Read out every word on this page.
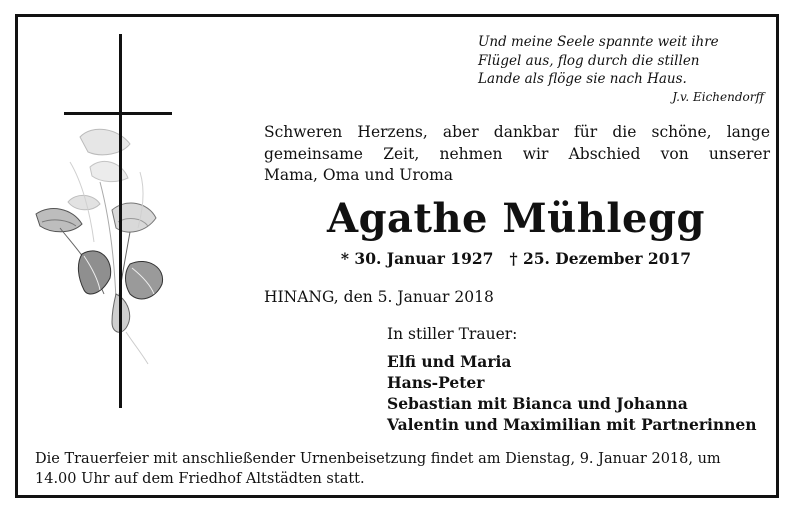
Und meine Seele spannte weit ihre
Flügel aus, flog durch die stillen
Lande als flöge sie nach Haus.
J.v. Eichendorff
Schweren Herzens, aber dankbar für die schöne, lange
gemeinsame Zeit, nehmen wir Abschied von unserer
Mama, Oma und Uroma
Agathe Mühlegg
* 30. Januar 1927 † 25. Dezember 2017
HINANG, den 5. Januar 2018
In stiller Trauer:
Elfi und Maria
Hans-Peter
Sebastian mit Bianca und Johanna
Valentin und Maximilian mit Partnerinnen
Die Trauerfeier mit anschließender Urnenbeisetzung findet am Dienstag, 9. Januar 2018, um
14.00 Uhr auf dem Friedhof Altstädten statt.
